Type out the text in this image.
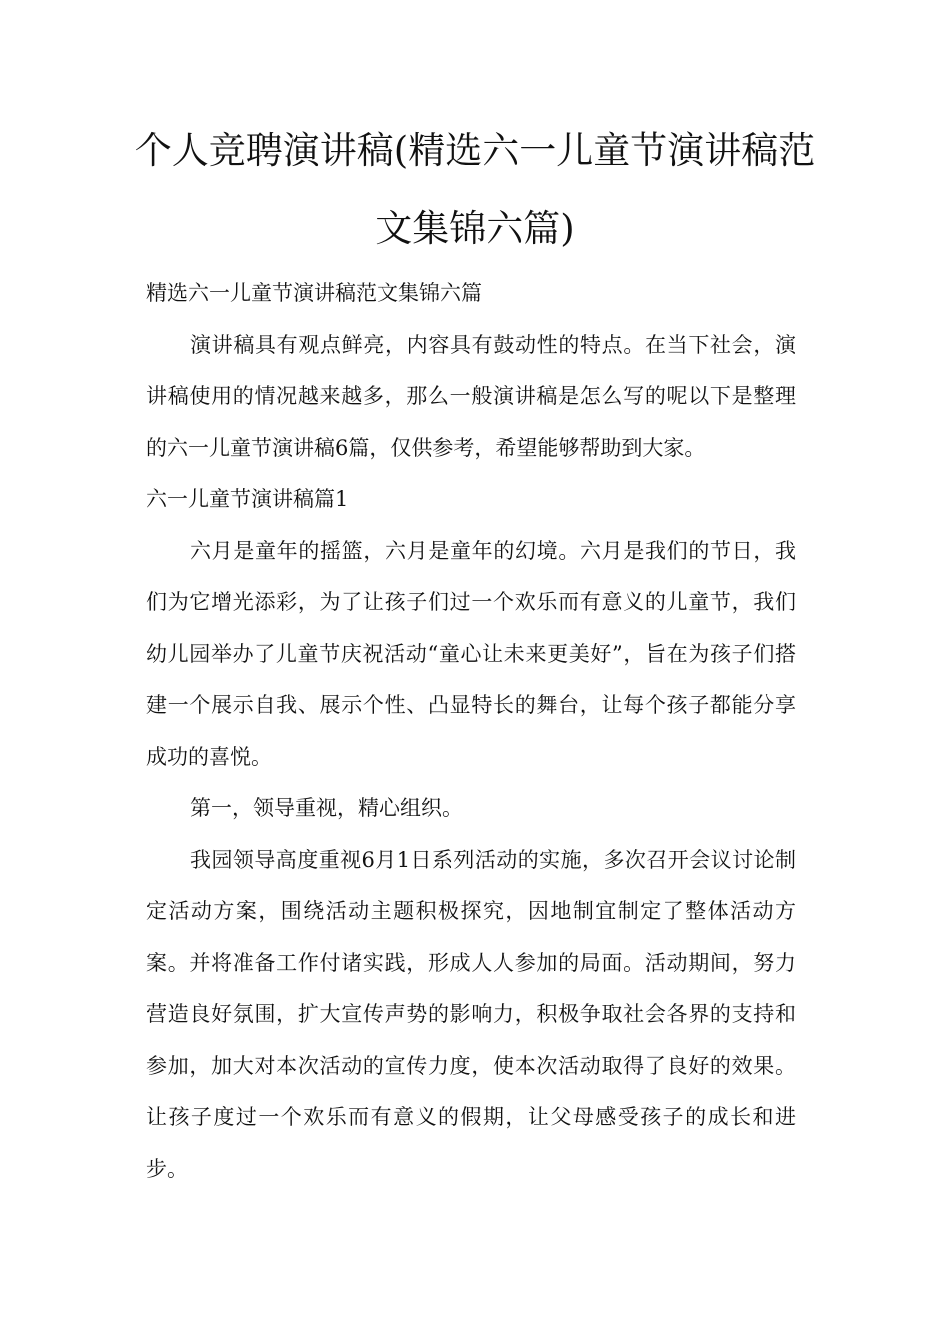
个人竞聘演讲稿(精选六一儿童节演讲稿范文集锦六篇)

精选六一儿童节演讲稿范文集锦六篇

演讲稿具有观点鲜亮，内容具有鼓动性的特点。在当下社会，演讲稿使用的情况越来越多，那么一般演讲稿是怎么写的呢以下是整理的六一儿童节演讲稿6篇，仅供参考，希望能够帮助到大家。

六一儿童节演讲稿篇1

六月是童年的摇篮，六月是童年的幻境。六月是我们的节日，我们为它增光添彩，为了让孩子们过一个欢乐而有意义的儿童节，我们幼儿园举办了儿童节庆祝活动“童心让未来更美好”，旨在为孩子们搭建一个展示自我、展示个性、凸显特长的舞台，让每个孩子都能分享成功的喜悦。

第一，领导重视，精心组织。

我园领导高度重视6月1日系列活动的实施，多次召开会议讨论制定活动方案，围绕活动主题积极探究，因地制宜制定了整体活动方案。并将准备工作付诸实践，形成人人参加的局面。活动期间，努力营造良好氛围，扩大宣传声势的影响力，积极争取社会各界的支持和参加，加大对本次活动的宣传力度，使本次活动取得了良好的效果。让孩子度过一个欢乐而有意义的假期，让父母感受孩子的成长和进步。
